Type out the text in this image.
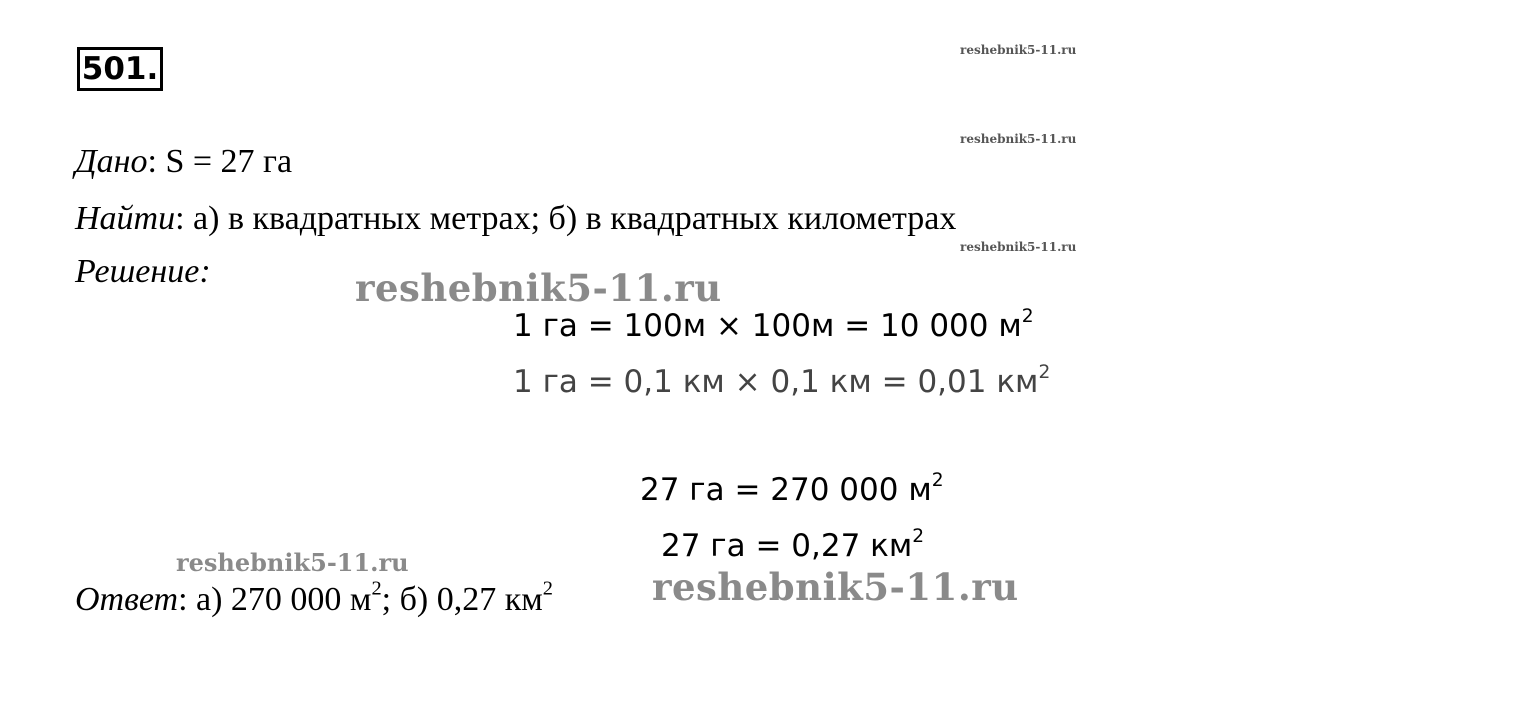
501.
reshebnik5-11.ru
reshebnik5-11.ru
reshebnik5-11.ru
Дано: S = 27 га
Найти: а) в квадратных метрах; б) в квадратных километрах
Решение:	reshebnik5-11.ru
1 га = 100м × 100м = 10 000 $м^2$
1 га = 0,1 км × 0,1 км = 0,01 $км^2$
27 га = 270 000 $м^2$
27 га = 0,27 $км^2$
reshebnik5-11.ru
Ответ: а) 270 000 $м^2$; б) 0,27 $км^2$	reshebnik5-11.ru
